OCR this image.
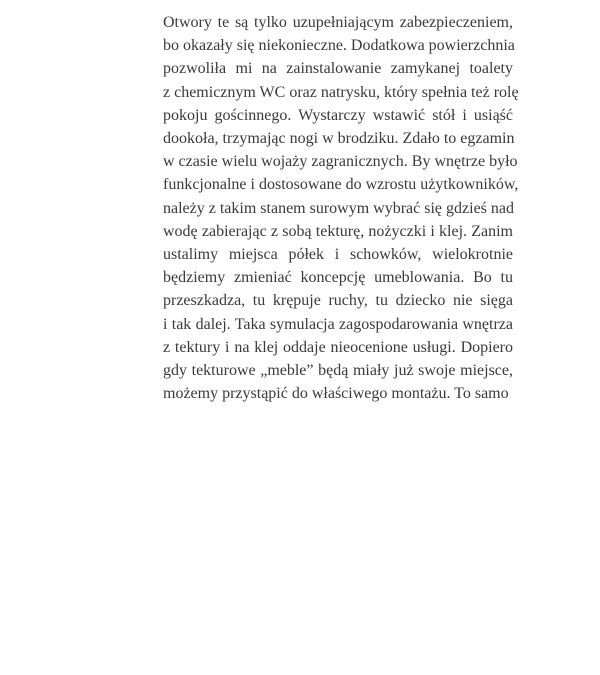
Otwory te są tylko uzupełniającym zabezpieczeniem,
bo okazały się niekonieczne. Dodatkowa powierzchnia
pozwoliła mi na zainstalowanie zamykanej toalety
z chemicznym WC oraz natrysku, który spełnia też rolę
pokoju gościnnego. Wystarczy wstawić stół i usiąść
dookoła, trzymając nogi w brodziku. Zdało to egzamin
w czasie wielu wojaży zagranicznych. By wnętrze było
funkcjonalne i dostosowane do wzrostu użytkowników,
należy z takim stanem surowym wybrać się gdzieś nad
wodę zabierając z sobą tekturę, nożyczki i klej. Zanim
ustalimy miejsca półek i schowków, wielokrotnie
będziemy zmieniać koncepcję umeblowania. Bo tu
przeszkadza, tu krępuje ruchy, tu dziecko nie sięga
i tak dalej. Taka symulacja zagospodarowania wnętrza
z tektury i na klej oddaje nieocenione usługi. Dopiero
gdy tekturowe „meble” będą miały już swoje miejsce,
możemy przystąpić do właściwego montażu. To samo
